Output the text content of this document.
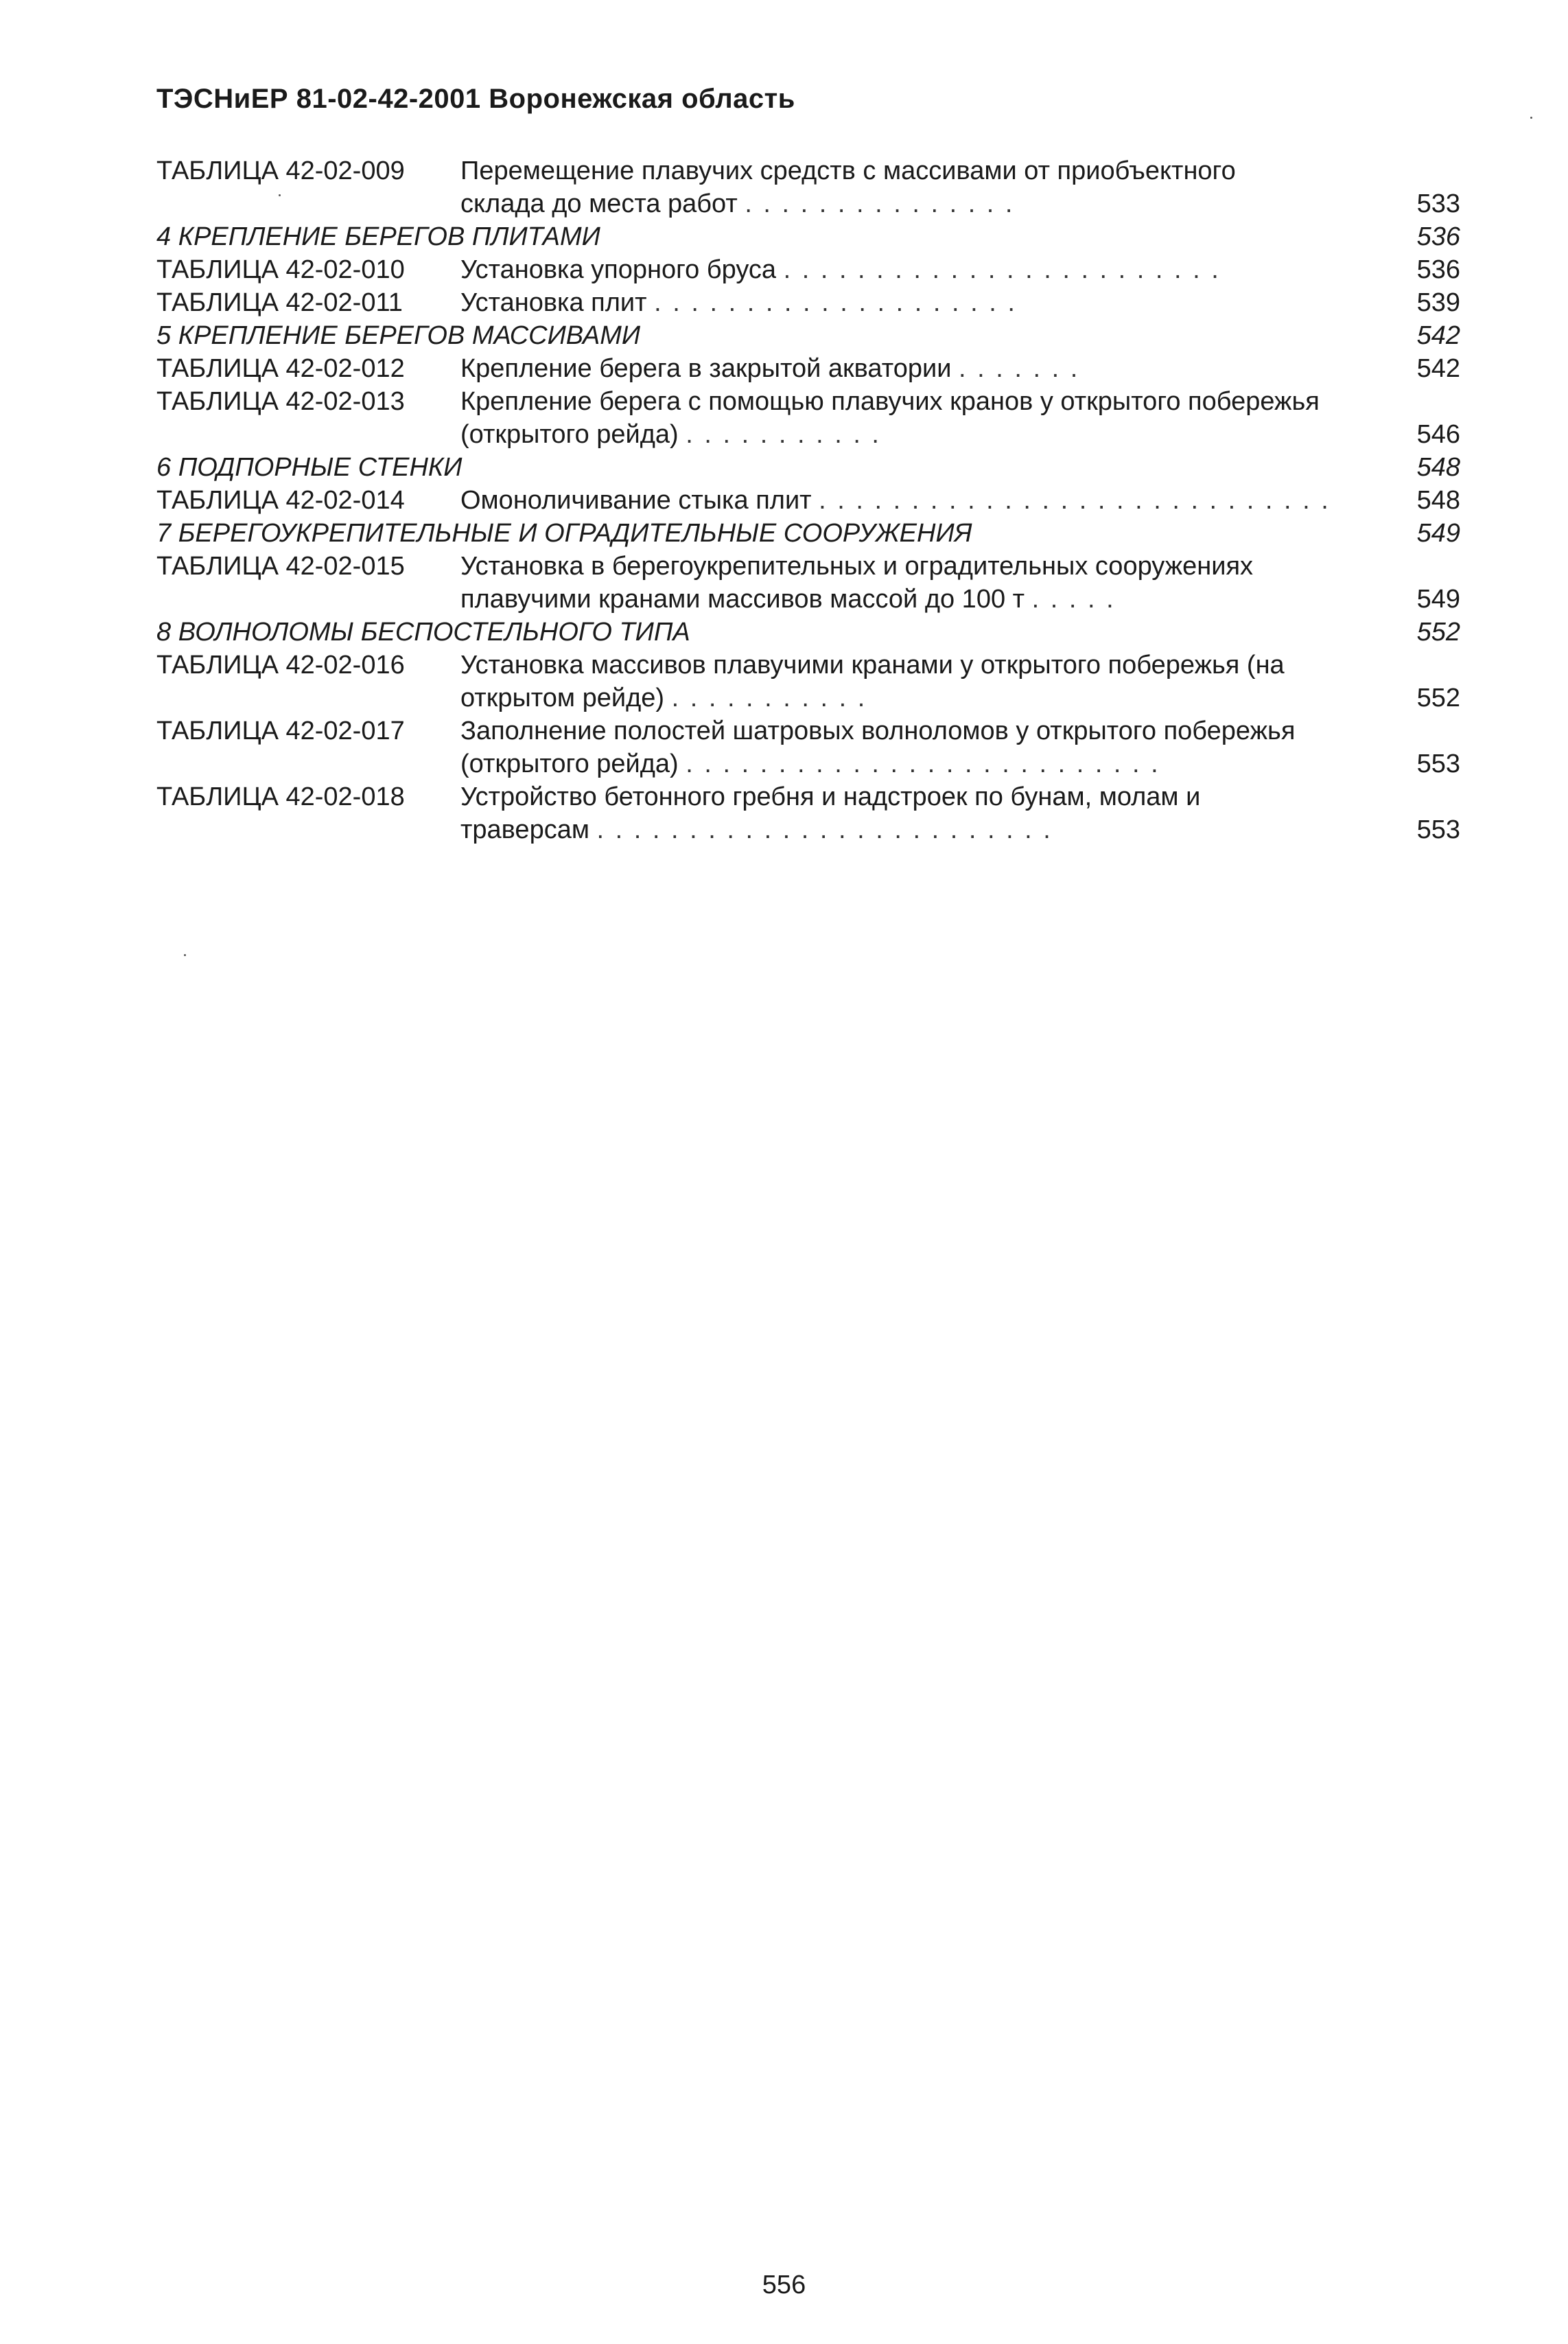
ТЭСНиЕР 81-02-42-2001 Воронежская область
ТАБЛИЦА 42-02-009 Перемещение плавучих средств с массивами от приобъектного
склада до места работ . . . . . . . . . . . . . . .	533
4 КРЕПЛЕНИЕ БЕРЕГОВ ПЛИТАМИ	536
ТАБЛИЦА 42-02-010 Установка упорного бруса . . . . . . . . . . . . . . . . . . . . . . . .	536
ТАБЛИЦА 42-02-011 Установка плит . . . . . . . . . . . . . . . . . . . .	539
5 КРЕПЛЕНИЕ БЕРЕГОВ МАССИВАМИ	542
ТАБЛИЦА 42-02-012 Крепление берега в закрытой акватории . . . . . . .	542
ТАБЛИЦА 42-02-013 Крепление берега с помощью плавучих кранов у открытого побережья
(открытого рейда) . . . . . . . . . . .	546
6 ПОДПОРНЫЕ СТЕНКИ	548
ТАБЛИЦА 42-02-014 Омоноличивание стыка плит . . . . . . . . . . . . . . . . . . . . . . . . . . . .	548
7 БЕРЕГОУКРЕПИТЕЛЬНЫЕ И ОГРАДИТЕЛЬНЫЕ СООРУЖЕНИЯ	549
ТАБЛИЦА 42-02-015 Установка в берегоукрепительных и оградительных сооружениях
плавучими кранами массивов массой до 100 т . . . . .	549
8 ВОЛНОЛОМЫ БЕСПОСТЕЛЬНОГО ТИПА	552
ТАБЛИЦА 42-02-016 Установка массивов плавучими кранами у открытого побережья (на
открытом рейде) . . . . . . . . . . .	552
ТАБЛИЦА 42-02-017 Заполнение полостей шатровых волноломов у открытого побережья
(открытого рейда) . . . . . . . . . . . . . . . . . . . . . . . . . .	553
ТАБЛИЦА 42-02-018 Устройство бетонного гребня и надстроек по бунам, молам и
траверсам . . . . . . . . . . . . . . . . . . . . . . . . .	553
556
